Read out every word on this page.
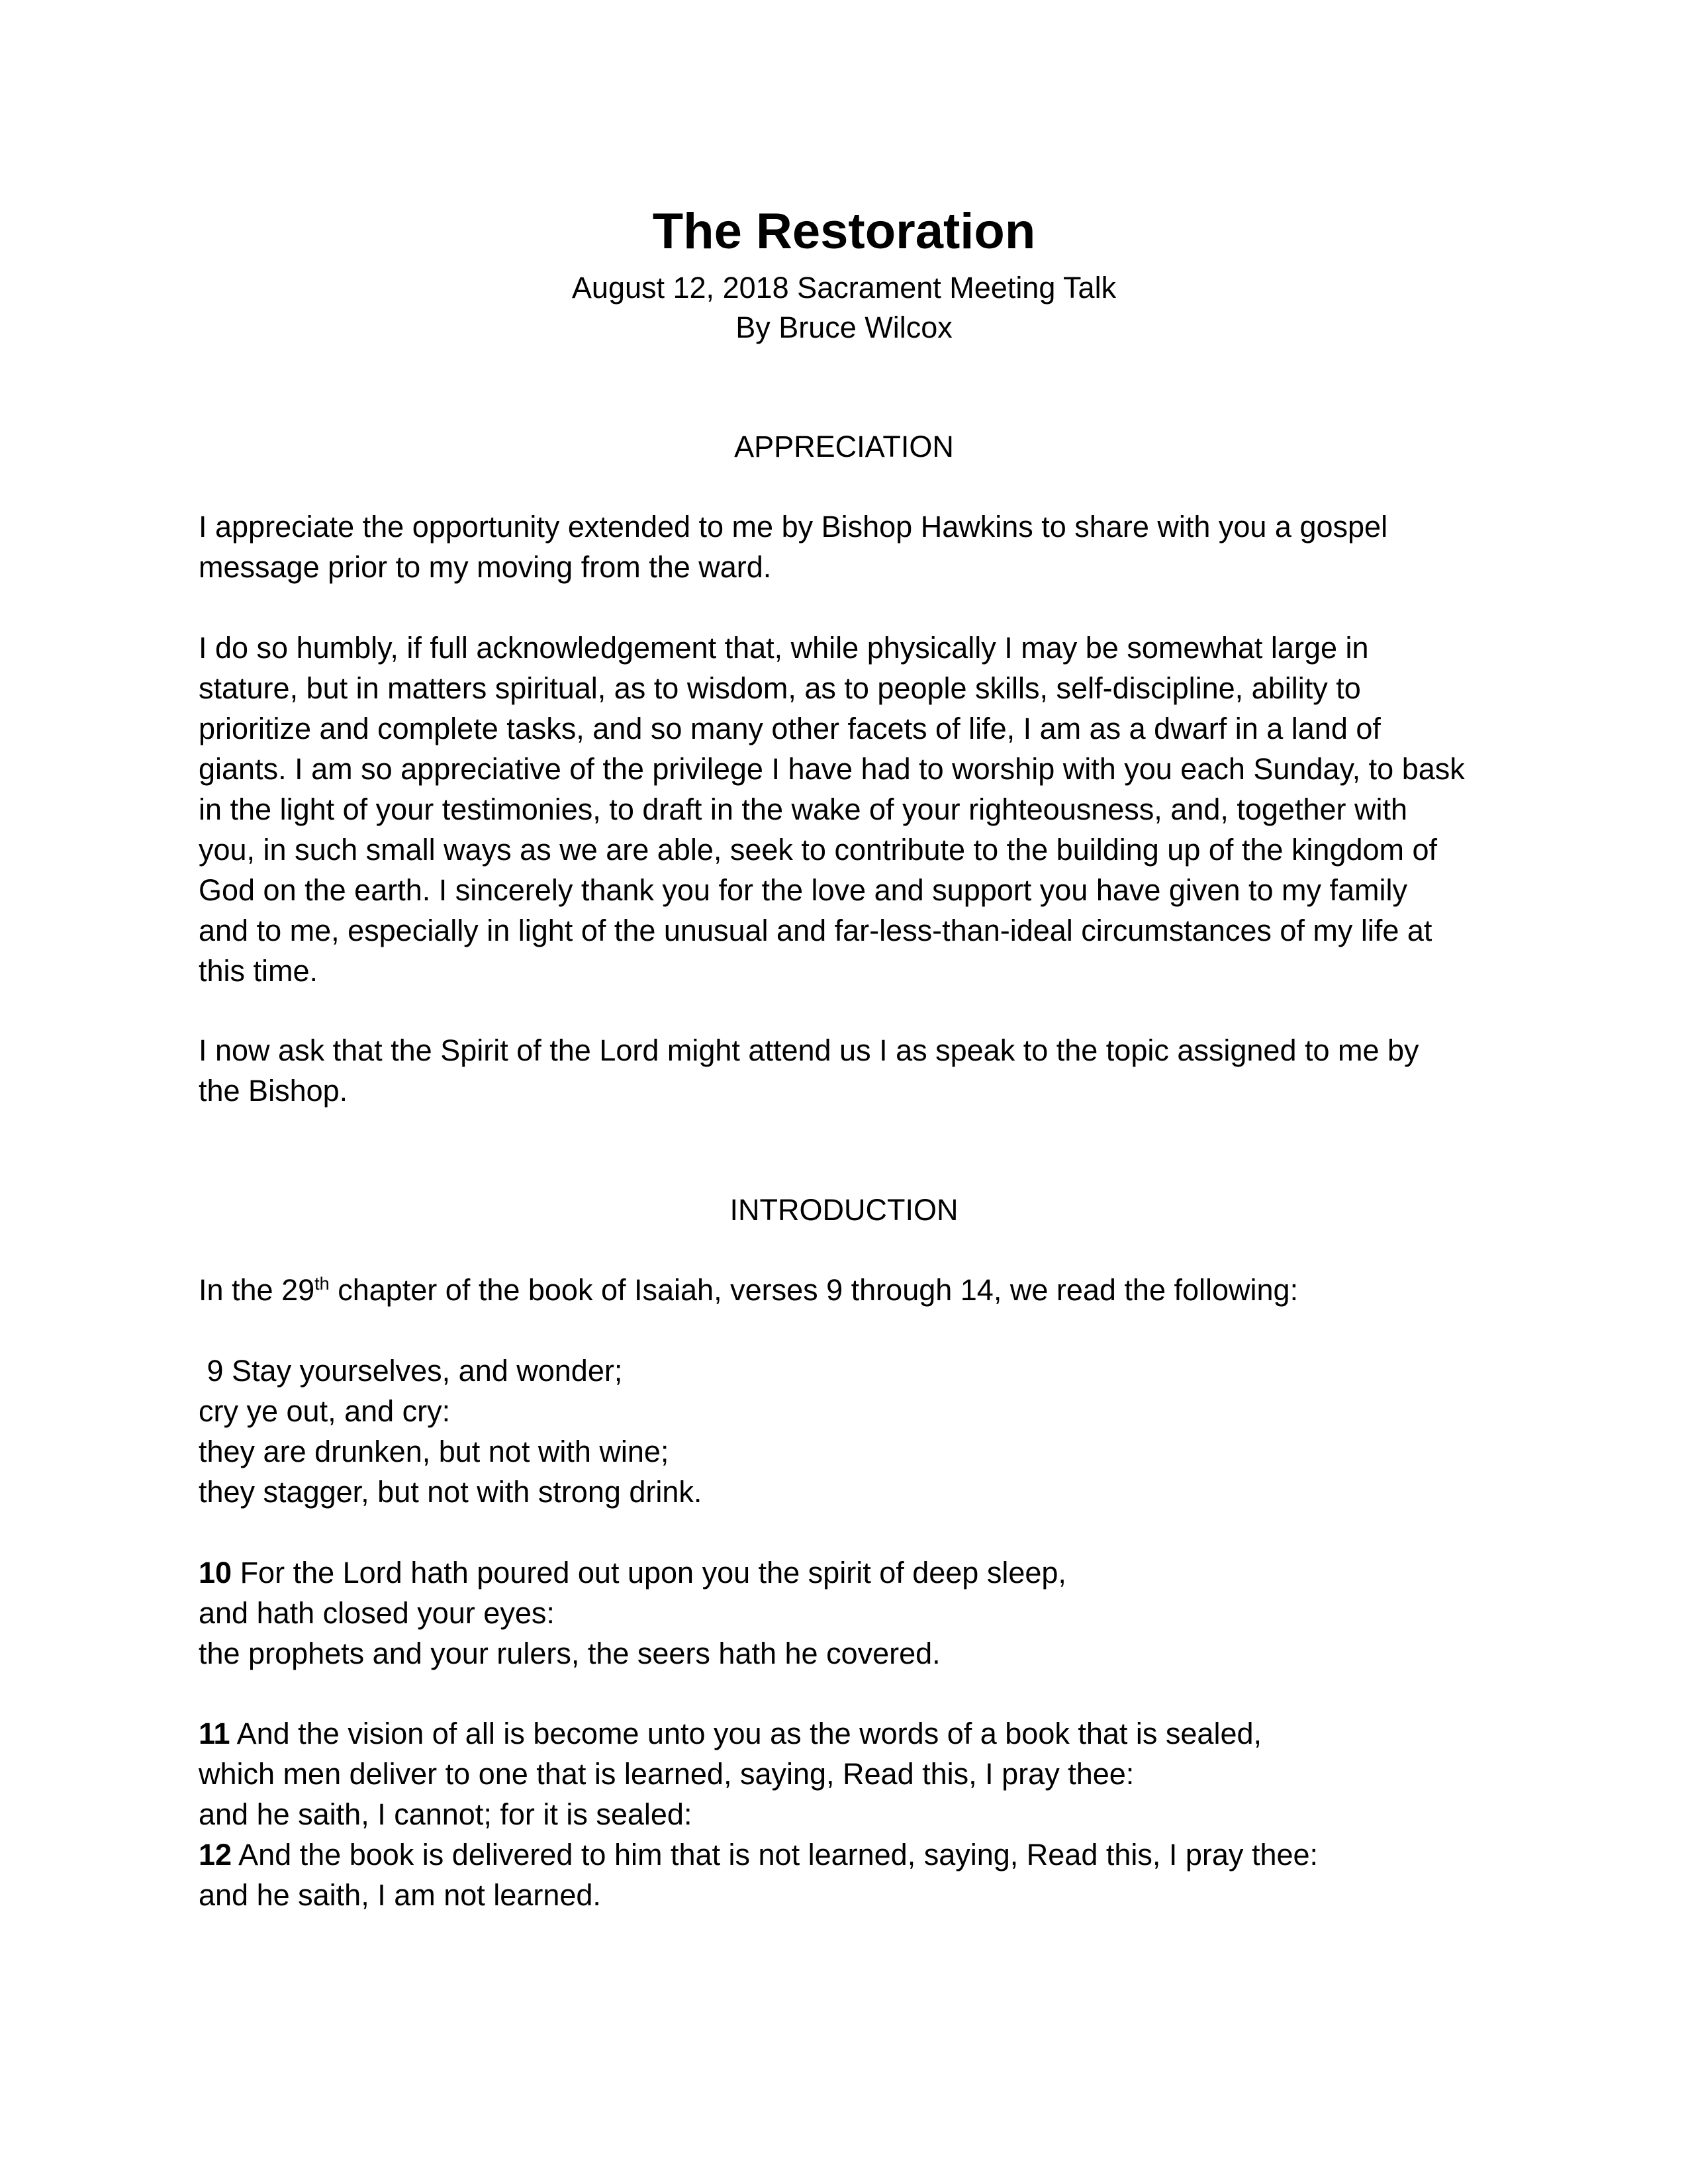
The Restoration

August 12, 2018 Sacrament Meeting Talk

By Bruce Wilcox

APPRECIATION

I appreciate the opportunity extended to me by Bishop Hawkins to share with you a gospel
message prior to my moving from the ward.
I do so humbly, if full acknowledgement that, while physically I may be somewhat large in
stature, but in matters spiritual, as to wisdom, as to people skills, self-discipline, ability to
prioritize and complete tasks, and so many other facets of life, I am as a dwarf in a land of
giants. I am so appreciative of the privilege I have had to worship with you each Sunday, to bask
in the light of your testimonies, to draft in the wake of your righteousness, and, together with
you, in such small ways as we are able, seek to contribute to the building up of the kingdom of
God on the earth. I sincerely thank you for the love and support you have given to my family
and to me, especially in light of the unusual and far-less-than-ideal circumstances of my life at
this time.
I now ask that the Spirit of the Lord might attend us I as speak to the topic assigned to me by
the Bishop.

INTRODUCTION

In the 29th chapter of the book of Isaiah, verses 9 through 14, we read the following:
9 Stay yourselves, and wonder;
cry ye out, and cry:
they are drunken, but not with wine;
they stagger, but not with strong drink.
10 For the Lord hath poured out upon you the spirit of deep sleep,
and hath closed your eyes:
the prophets and your rulers, the seers hath he covered.
11 And the vision of all is become unto you as the words of a book that is sealed,
which men deliver to one that is learned, saying, Read this, I pray thee:
and he saith, I cannot; for it is sealed:
12 And the book is delivered to him that is not learned, saying, Read this, I pray thee:
and he saith, I am not learned.
